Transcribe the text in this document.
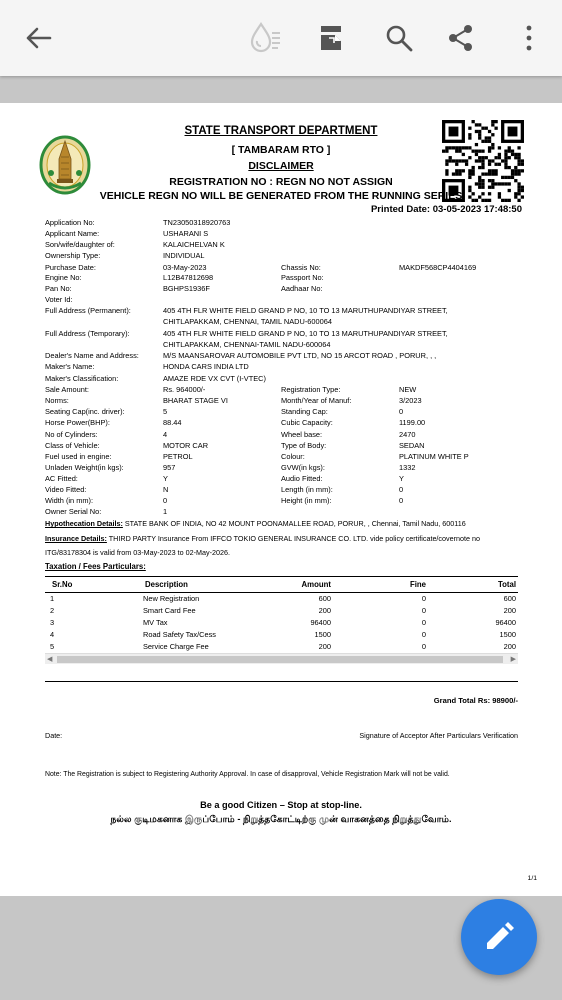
STATE TRANSPORT DEPARTMENT
[ TAMBARAM RTO ]
DISCLAIMER
REGISTRATION NO : REGN NO NOT ASSIGN
VEHICLE REGN NO WILL BE GENERATED FROM THE RUNNING SERIES
Printed Date: 03-05-2023 17:48:50
Application No:	TN23050318920763
Applicant Name:	USHARANI S
Son/wife/daughter of:	KALAICHELVAN K
Ownership Type:	INDIVIDUAL
Purchase Date:	03-May-2023	Chassis No:	MAKDF568CP4404169
Engine No:	L12B47812698	Passport No:
Pan No:	BGHPS1936F	Aadhaar No:
Voter Id:
Full Address (Permanent):	405 4TH FLR WHITE FIELD GRAND P NO, 10 TO 13 MARUTHUPANDIYAR STREET,
CHITLAPAKKAM, CHENNAI, TAMIL NADU-600064
Full Address (Temporary):	405 4TH FLR WHITE FIELD GRAND P NO, 10 TO 13 MARUTHUPANDIYAR STREET,
CHITLAPAKKAM, CHENNAI-TAMIL NADU-600064
Dealer's Name and Address:	M/S MAANSAROVAR AUTOMOBILE PVT LTD, NO 15 ARCOT ROAD , PORUR, , ,
Maker's Name:	HONDA CARS INDIA LTD
Maker's Classification:	AMAZE RDE VX CVT (I-VTEC)
Sale Amount:	Rs. 964000/-	Registration Type:	NEW
Norms:	BHARAT STAGE VI	Month/Year of Manuf:	3/2023
Seating Cap(inc. driver):	5	Standing Cap:	0
Horse Power(BHP):	88.44	Cubic Capacity:	1199.00
No of Cylinders:	4	Wheel base:	2470
Class of Vehicle:	MOTOR CAR	Type of Body:	SEDAN
Fuel used in engine:	PETROL	Colour:	PLATINUM WHITE P
Unladen Weight(in kgs):	957	GVW(in kgs):	1332
AC Fitted:	Y	Audio Fitted:	Y
Video Fitted:	N	Length (in mm):	0
Width (in mm):	0	Height (in mm):	0
Owner Serial No:	1
Hypothecation Details: STATE BANK OF INDIA, NO 42 MOUNT POONAMALLEE ROAD, PORUR, , Chennai, Tamil Nadu, 600116
Insurance Details: THIRD PARTY Insurance From IFFCO TOKIO GENERAL INSURANCE CO. LTD. vide policy certificate/covernote no
ITG/83178304 is valid from 03-May-2023 to 02-May-2026.
Taxation / Fees Particulars:
Sr.No	Description	Amount	Fine	Total
1	New Registration	600	0	600
2	Smart Card Fee	200	0	200
3	MV Tax	96400	0	96400
4	Road Safety Tax/Cess	1500	0	1500
5	Service Charge Fee	200	0	200
◀	▶
Grand Total Rs: 98900/-
Date:	Signature of Acceptor After Particulars Verification
Note: The Registration is subject to Registering Authority Approval. In case of disapproval, Vehicle Registration Mark will not be valid.
Be a good Citizen – Stop at stop-line.
நல்ல குடிமகனாக இருப்போம் - நிறுத்தகோட்டிற்கு முன் வாகனத்தை நிறுத்துவோம்.
1/1
